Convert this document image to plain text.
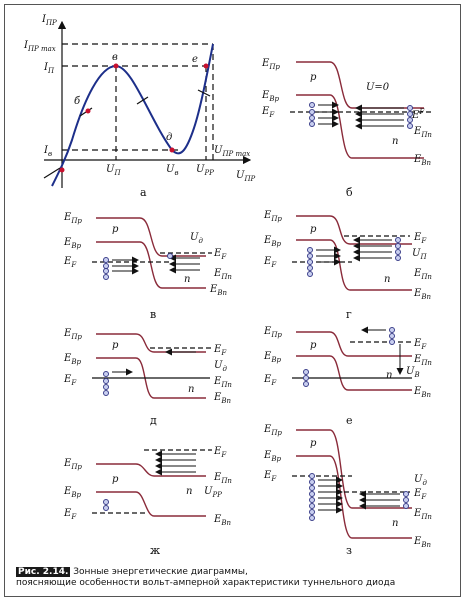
$I_{ПР}$
$U_{ПР}$
$I_{ПР max}$
$I_П$
$I_в$
$U_П$	$U_в$ $U_{РР}$
$U_{ПР max}$
в
б
д
е
а
$E_{Пр}$
$E_{Вр}$
$E_F$	$E^F$
$E_{Пn}$
$E_{Вn}$
p
n
U=0
б
$E_{Пр}$
$E_{Вр}$
$E_F$
$E_F$
$E_{Пn}$
$E_{Вn}$
p
n
$U_д$
в
$E_{Пр}$
$E_{Вр}$
$E_F$
$E_F$
$E_{Пn}$
$E_{Вn}$
p
n
$U_П$
г
$E_{Пр}$
$E_{Вр}$
$E_F$
$E_F$
$E_{Пn}$
$E_{Вn}$
p
n
$U_д$
д
$E_{Пр}$
$E_{Вр}$
$E_F$
$E_F$
$E_{Пn}$
$E_{Вn}$
p
n $U_В$
е
$E_{Пр}$
$E_{Вр}$
$E_F$
$E_F$
$E_{Пn}$
$E_{Вn}$
p
n $U_{РР}$
ж
$E_{Пр}$
$E_{Вр}$
$E_F$
$E_F$
$E_{Пn}$
$E_{Вn}$
p
n
$U_д$
з
Рис. 2.14. Зонные энергетические диаграммы,
поясняющие особенности вольт-амперной характеристики туннельного диода
